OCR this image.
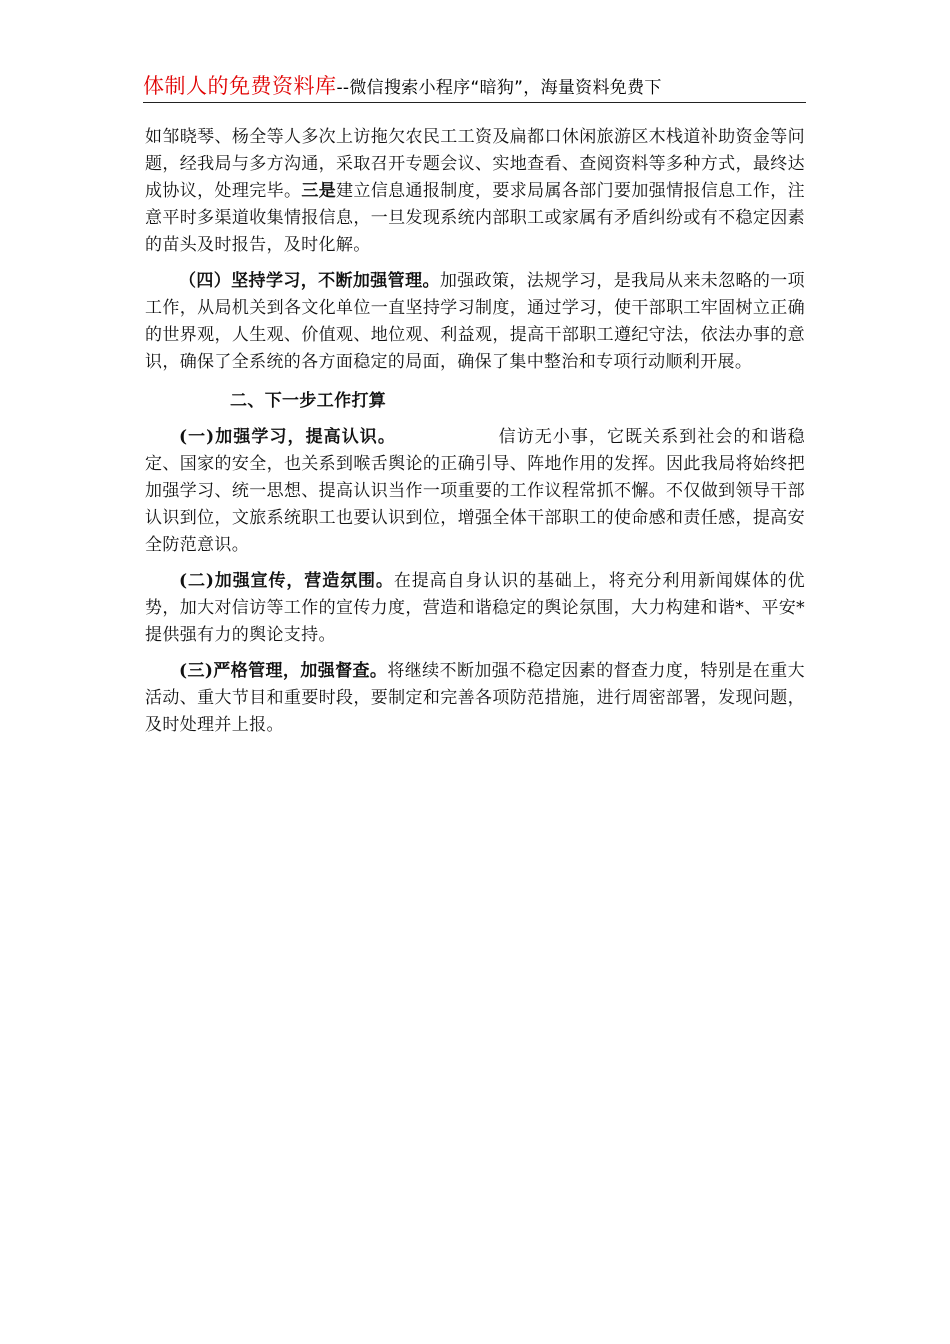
体制人的免费资料库--微信搜索小程序“暗狗”，海量资料免费下

如邹晓琴、杨全等人多次上访拖欠农民工工资及扁都口休闲旅游区木栈道补助资金等问题，经我局与多方沟通，采取召开专题会议、实地查看、查阅资料等多种方式，最终达成协议，处理完毕。三是建立信息通报制度，要求局属各部门要加强情报信息工作，注意平时多渠道收集情报信息，一旦发现系统内部职工或家属有矛盾纠纷或有不稳定因素的苗头及时报告，及时化解。

（四）坚持学习，不断加强管理。加强政策，法规学习，是我局从来未忽略的一项工作，从局机关到各文化单位一直坚持学习制度，通过学习，使干部职工牢固树立正确的世界观，人生观、价值观、地位观、利益观，提高干部职工遵纪守法，依法办事的意识，确保了全系统的各方面稳定的局面，确保了集中整治和专项行动顺利开展。

二、下一步工作打算

(一)加强学习，提高认识。	信访无小事，它既关系到社会的和谐稳定、国家的安全，也关系到喉舌舆论的正确引导、阵地作用的发挥。因此我局将始终把加强学习、统一思想、提高认识当作一项重要的工作议程常抓不懈。不仅做到领导干部认识到位，文旅系统职工也要认识到位，增强全体干部职工的使命感和责任感，提高安全防范意识。

(二)加强宣传，营造氛围。在提高自身认识的基础上，将充分利用新闻媒体的优势，加大对信访等工作的宣传力度，营造和谐稳定的舆论氛围，大力构建和谐*、平安*提供强有力的舆论支持。

(三)严格管理，加强督查。将继续不断加强不稳定因素的督查力度，特别是在重大活动、重大节目和重要时段，要制定和完善各项防范措施，进行周密部署，发现问题，及时处理并上报。
